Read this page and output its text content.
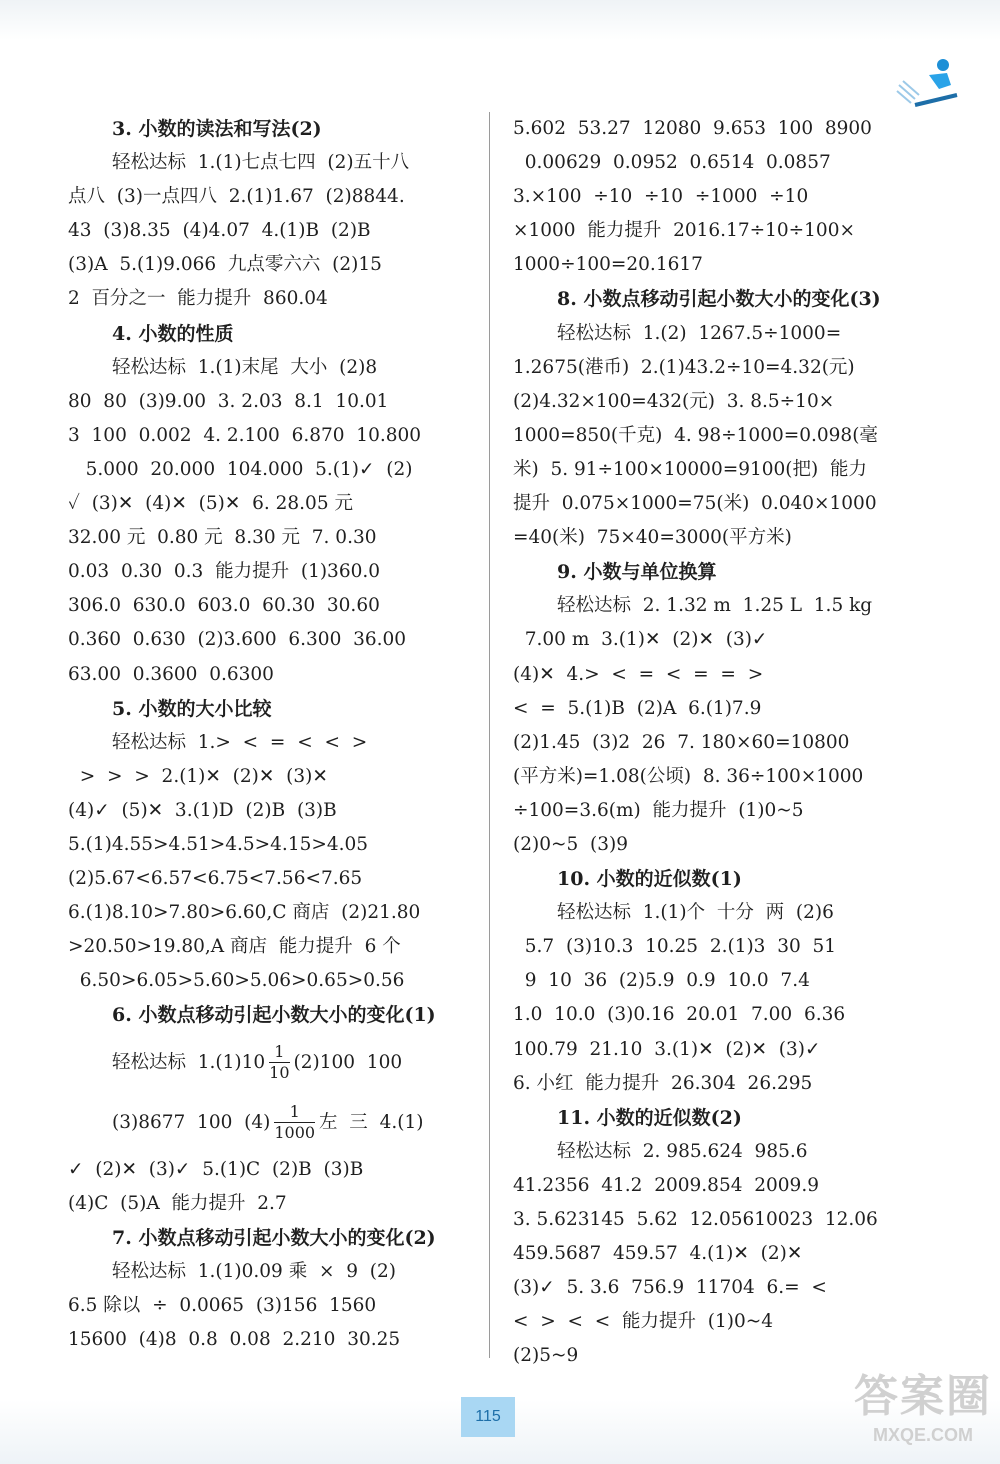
3. 小数的读法和写法(2)
轻松达标  1.(1)七点七四  (2)五十八
点八  (3)一点四八  2.(1)1.67  (2)8844.
43  (3)8.35  (4)4.07  4.(1)B  (2)B
(3)A  5.(1)9.066  九点零六六  (2)15
2  百分之一  能力提升  860.04
4. 小数的性质
轻松达标  1.(1)末尾  大小  (2)8
80  80  (3)9.00  3. 2.03  8.1  10.01
3  100  0.002  4. 2.100  6.870  10.800
5.000  20.000  104.000  5.(1)✓  (2)
✓  (3)✕  (4)✕  (5)✕  6. 28.05 元
32.00 元  0.80 元  8.30 元  7. 0.30
0.03  0.30  0.3  能力提升  (1)360.0
306.0  630.0  603.0  60.30  30.60
0.360  0.630  (2)3.600  6.300  36.00
63.00  0.3600  0.6300
5. 小数的大小比较
轻松达标  1.>  <  =  <  <  >
>  >  >  2.(1)✕  (2)✕  (3)✕
(4)✓  (5)✕  3.(1)D  (2)B  (3)B
5.(1)4.55>4.51>4.5>4.15>4.05
(2)5.67<6.57<6.75<7.56<7.65
6.(1)8.10>7.80>6.60,C 商店  (2)21.80
>20.50>19.80,A 商店  能力提升  6 个
6.50>6.05>5.60>5.06>0.65>0.56
6. 小数点移动引起小数大小的变化(1)
轻松达标  $1.(1)10 \frac{1}{10} (2)100$  100
(3)8677  100  $(4) \frac{1}{1000}$ 左  三  4.(1)
✓  (2)✕  (3)✓  5.(1)C  (2)B  (3)B
(4)C  (5)A  能力提升  2.7
7. 小数点移动引起小数大小的变化(2)
轻松达标  1.(1)0.09 乘  ×  9  (2)
6.5 除以  ÷  0.0065  (3)156  1560
15600  (4)8  0.8  0.08  2.210  30.25
5.602  53.27  12080  9.653  100  8900
0.00629  0.0952  0.6514  0.0857
3.×100  ÷10  ÷10  ÷1000  ÷10
×1000  能力提升  2016.17÷10÷100×
1000÷100=20.1617
8. 小数点移动引起小数大小的变化(3)
轻松达标  1.(2)  1267.5÷1000=
1.2675(港币)  2.(1)43.2÷10=4.32(元)
(2)4.32×100=432(元)  3. 8.5÷10×
1000=850(千克)  4. 98÷1000=0.098(毫
米)  5. 91÷100×10000=9100(把)  能力
提升  0.075×1000=75(米)  0.040×1000
=40(米)  75×40=3000(平方米)
9. 小数与单位换算
轻松达标  2. 1.32 m  1.25 L  1.5 kg
7.00 m  3.(1)✕  (2)✕  (3)✓
(4)✕  4.>  <  =  <  =  =  >
<  =  5.(1)B  (2)A  6.(1)7.9
(2)1.45  (3)2  26  7. 180×60=10800
(平方米)=1.08(公顷)  8. 36÷100×1000
÷100=3.6(m)  能力提升  (1)0~5
(2)0~5  (3)9
10. 小数的近似数(1)
轻松达标  1.(1)个  十分  两  (2)6
5.7  (3)10.3  10.25  2.(1)3  30  51
9  10  36  (2)5.9  0.9  10.0  7.4
1.0  10.0  (3)0.16  20.01  7.00  6.36
100.79  21.10  3.(1)✕  (2)✕  (3)✓
6. 小红  能力提升  26.304  26.295
11. 小数的近似数(2)
轻松达标  2. 985.624  985.6
41.2356  41.2  2009.854  2009.9
3. 5.623145  5.62  12.05610023  12.06
459.5687  459.57  4.(1)✕  (2)✕
(3)✓  5. 3.6  756.9  11704  6.=  <
<  >  <  <  能力提升  (1)0~4
(2)5~9
115	答案圈
MXQE.COM
